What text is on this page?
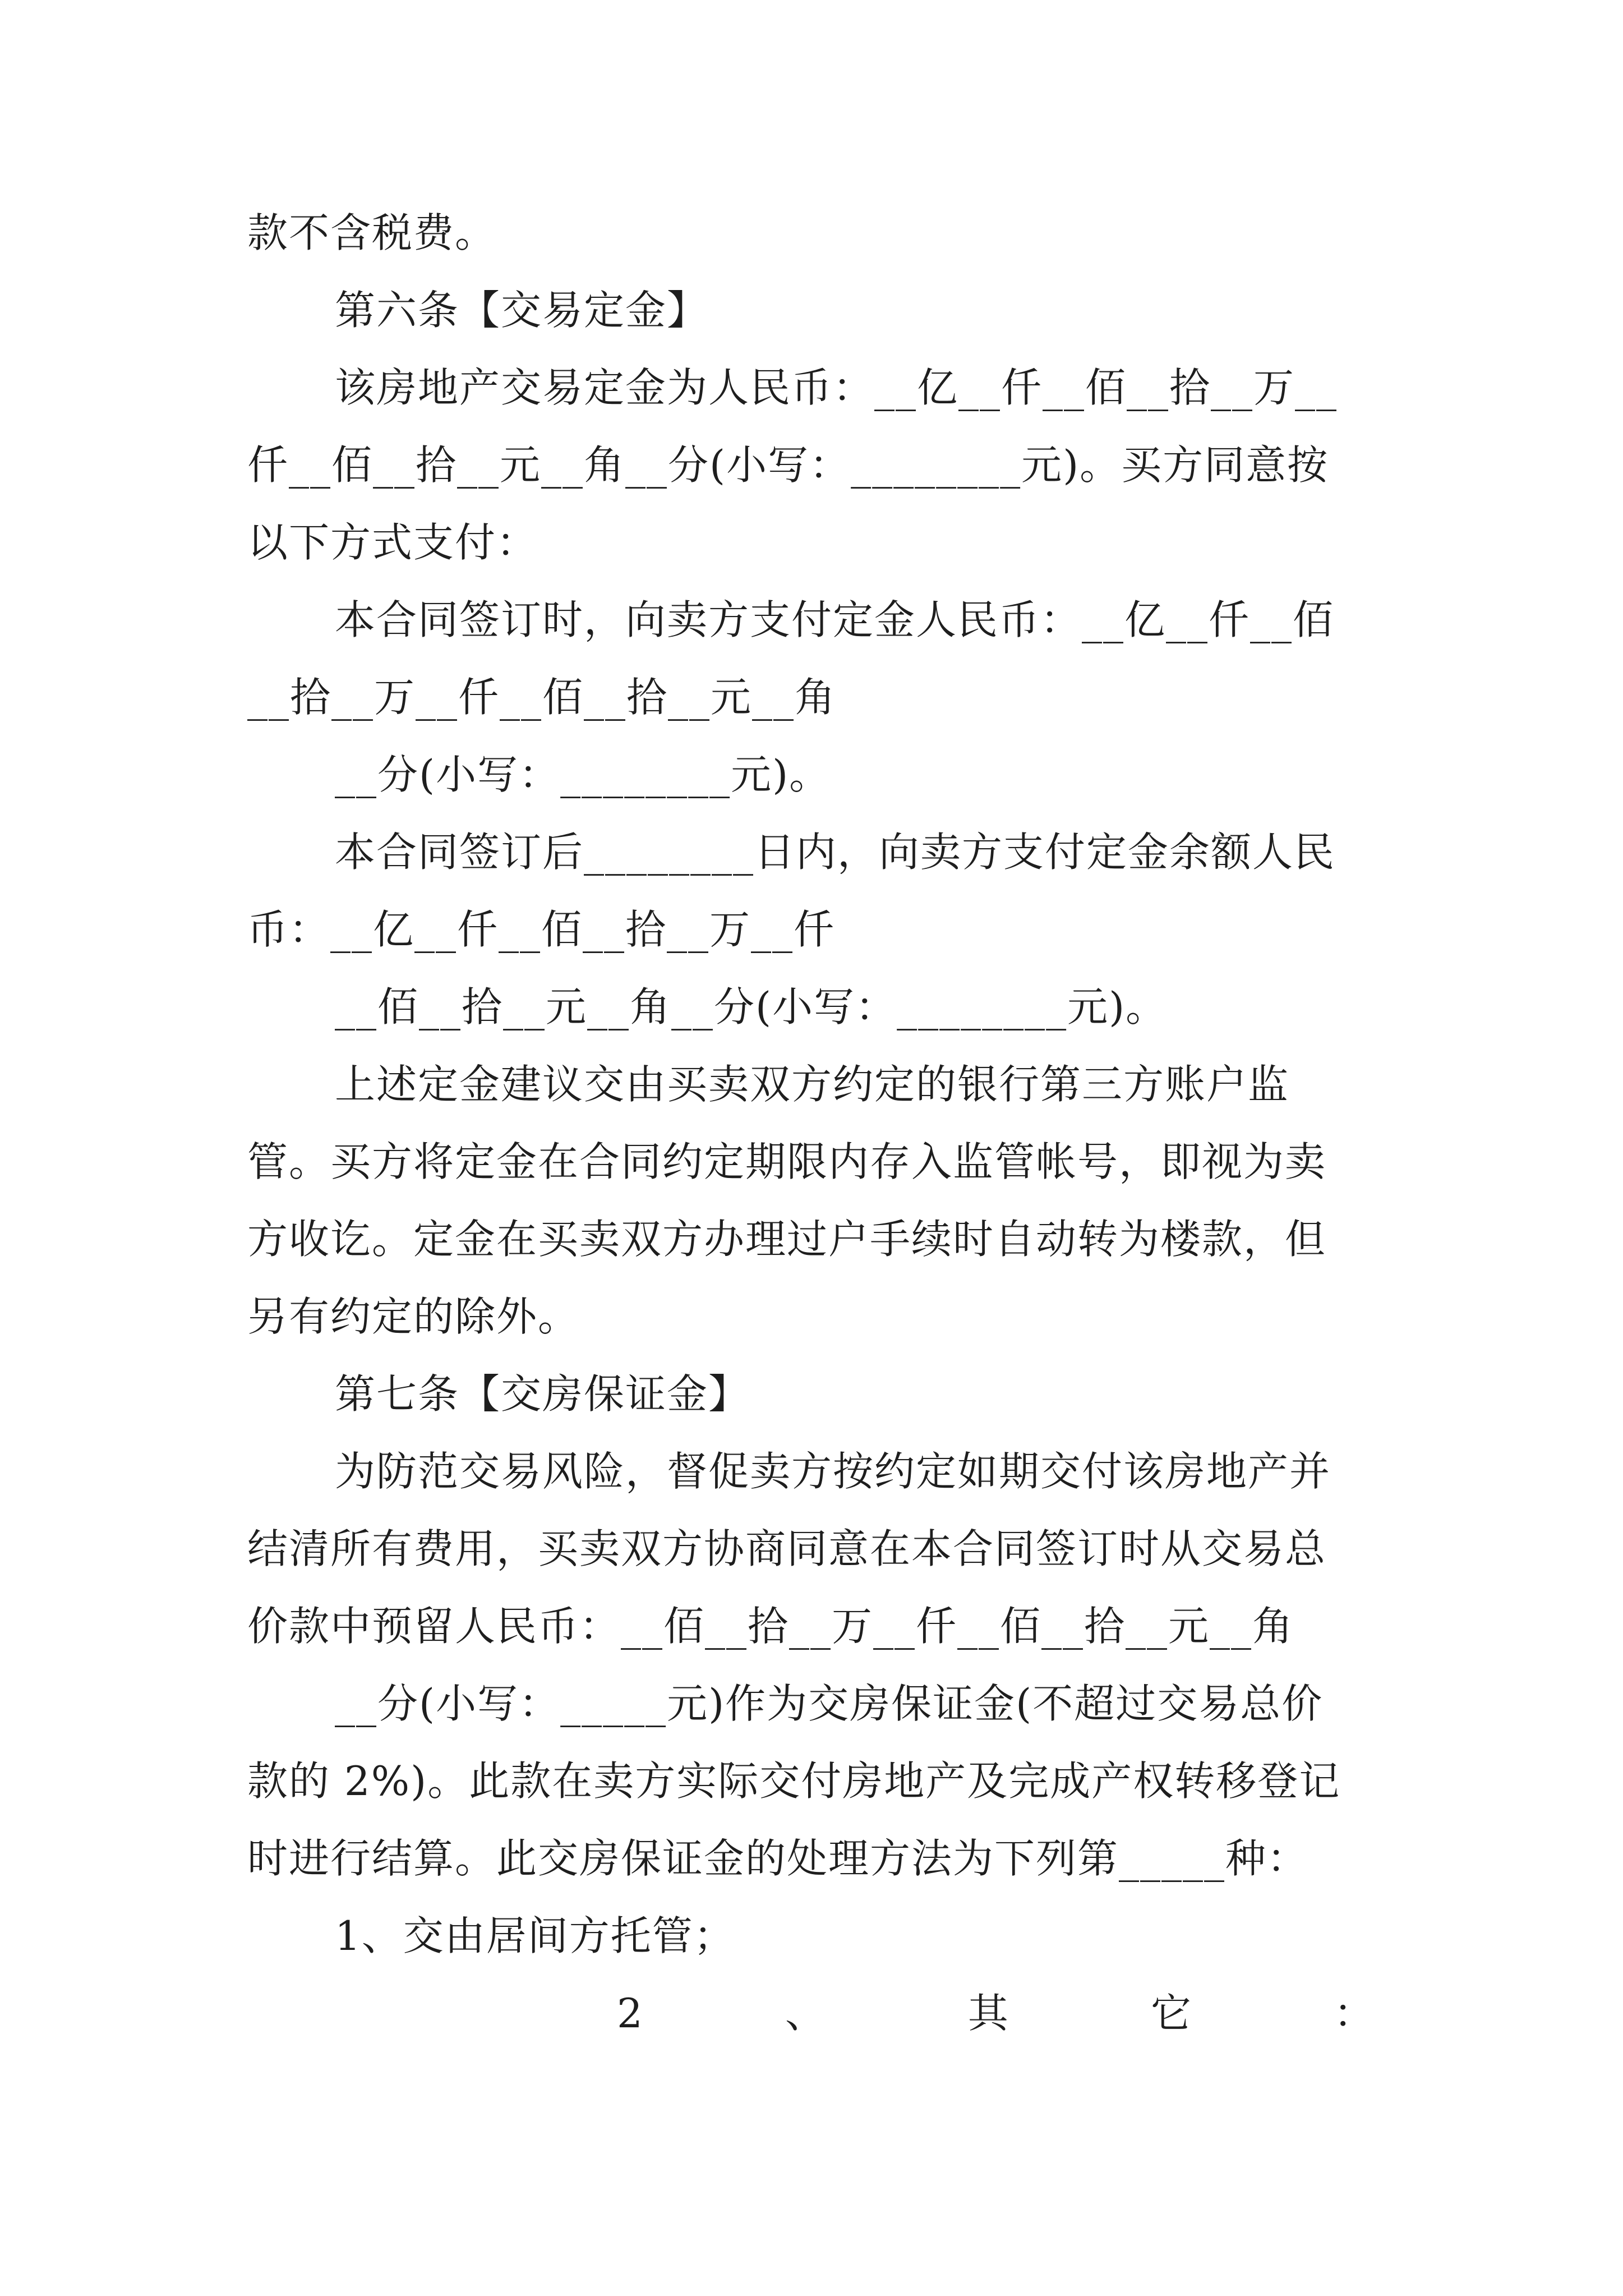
款不含税费。
第六条【交易定金】
该房地产交易定金为人民币：__亿__仟__佰__拾__万__
仟__佰__拾__元__角__分(小写：________元)。买方同意按
以下方式支付：
本合同签订时，向卖方支付定金人民币：__亿__仟__佰
__拾__万__仟__佰__拾__元__角
__分(小写：________元)。
本合同签订后________日内，向卖方支付定金余额人民
币：__亿__仟__佰__拾__万__仟
__佰__拾__元__角__分(小写：________元)。
上述定金建议交由买卖双方约定的银行第三方账户监
管。买方将定金在合同约定期限内存入监管帐号，即视为卖
方收讫。定金在买卖双方办理过户手续时自动转为楼款，但
另有约定的除外。
第七条【交房保证金】
为防范交易风险，督促卖方按约定如期交付该房地产并
结清所有费用，买卖双方协商同意在本合同签订时从交易总
价款中预留人民币：__佰__拾__万__仟__佰__拾__元__角
__分(小写：_____元)作为交房保证金(不超过交易总价
款的 2%)。此款在卖方实际交付房地产及完成产权转移登记
时进行结算。此交房保证金的处理方法为下列第_____种：
1、交由居间方托管；
2	、	其	它	：
